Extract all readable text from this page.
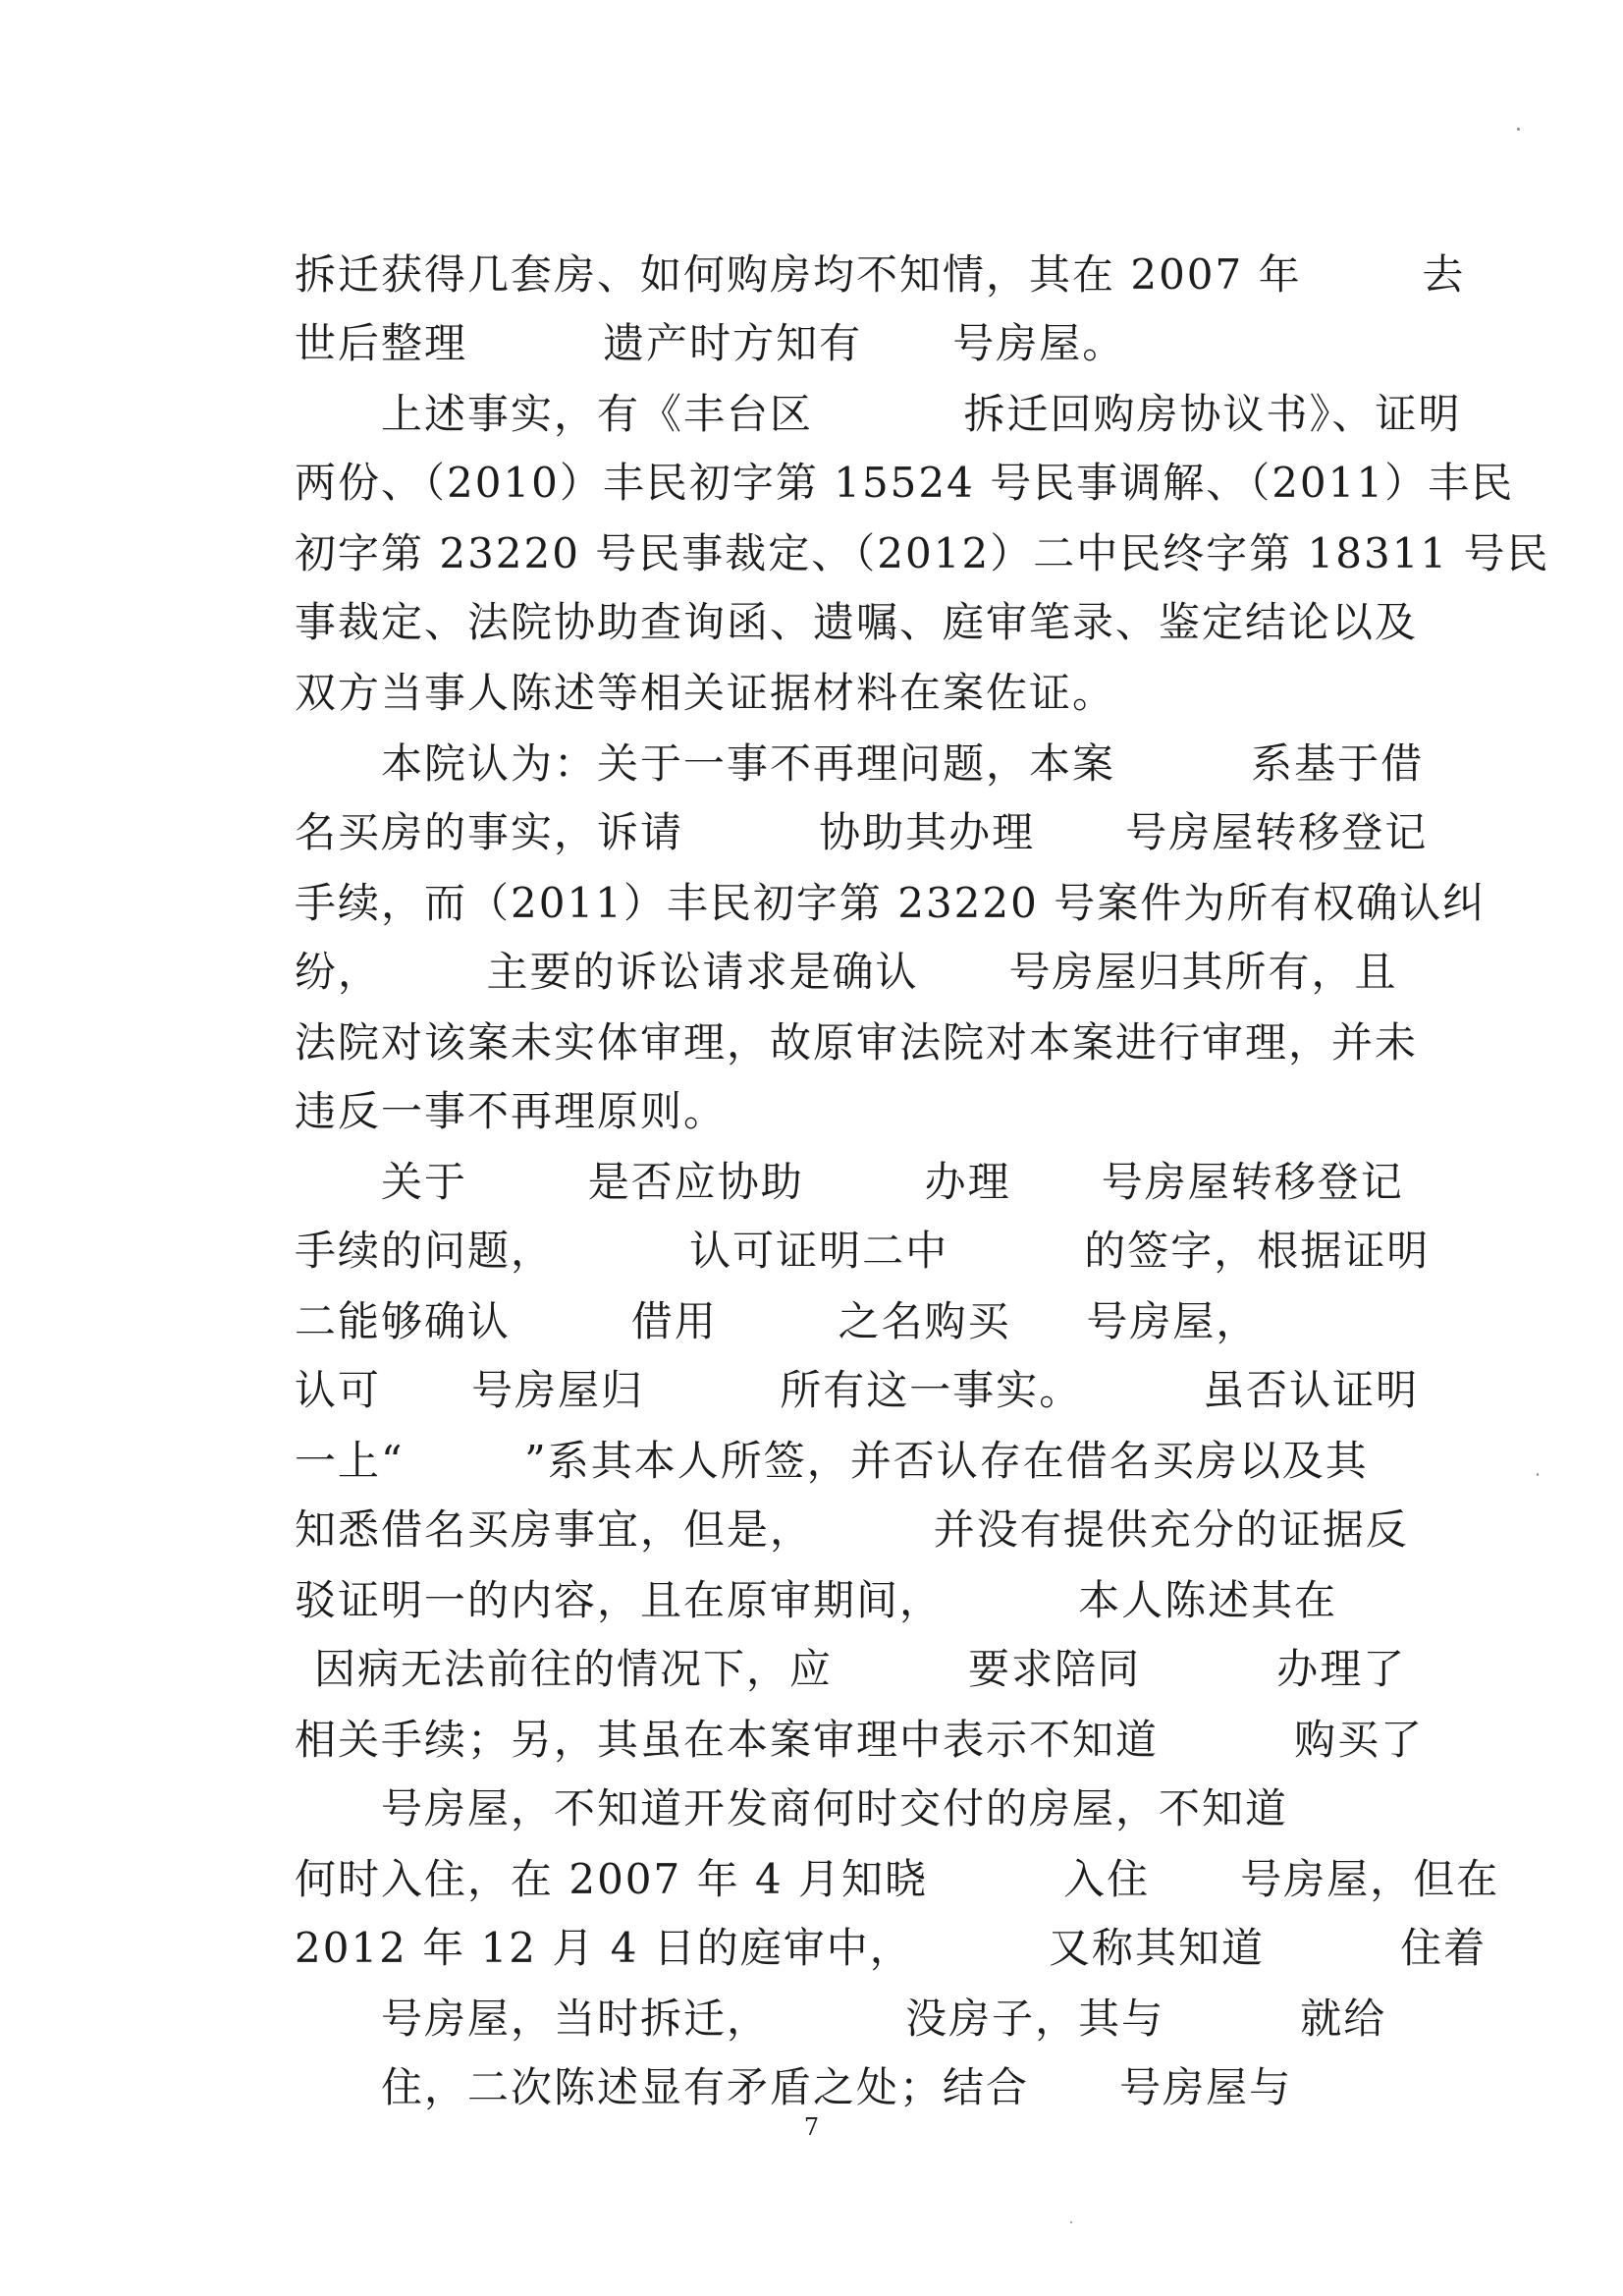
拆迁获得几套房、如何购房均不知情，其在 2007 年        去
世后整理         遗产时方知有      号房屋。
上述事实，有《丰台区          拆迁回购房协议书》、证明
两份、（2010）丰民初字第 15524 号民事调解、（2011）丰民
初字第 23220 号民事裁定、（2012）二中民终字第 18311 号民
事裁定、法院协助查询函、遗嘱、庭审笔录、鉴定结论以及
双方当事人陈述等相关证据材料在案佐证。
本院认为：关于一事不再理问题，本案         系基于借
名买房的事实，诉请         协助其办理      号房屋转移登记
手续，而（2011）丰民初字第 23220 号案件为所有权确认纠
纷，       主要的诉讼请求是确认      号房屋归其所有，且
法院对该案未实体审理，故原审法院对本案进行审理，并未
违反一事不再理原则。
关于        是否应协助        办理      号房屋转移登记
手续的问题，         认可证明二中         的签字，根据证明
二能够确认        借用        之名购买     号房屋，
认可      号房屋归         所有这一事实。        虽否认证明
一上“        ”系其本人所签，并否认存在借名买房以及其
知悉借名买房事宜，但是，        并没有提供充分的证据反
驳证明一的内容，且在原审期间，         本人陈述其在
因病无法前往的情况下，应         要求陪同         办理了
相关手续；另，其虽在本案审理中表示不知道         购买了
号房屋，不知道开发商何时交付的房屋，不知道
何时入住，在 2007 年 4 月知晓         入住      号房屋，但在
2012 年 12 月 4 日的庭审中，         又称其知道         住着
号房屋，当时拆迁，         没房子，其与         就给
住，二次陈述显有矛盾之处；结合      号房屋与
7
